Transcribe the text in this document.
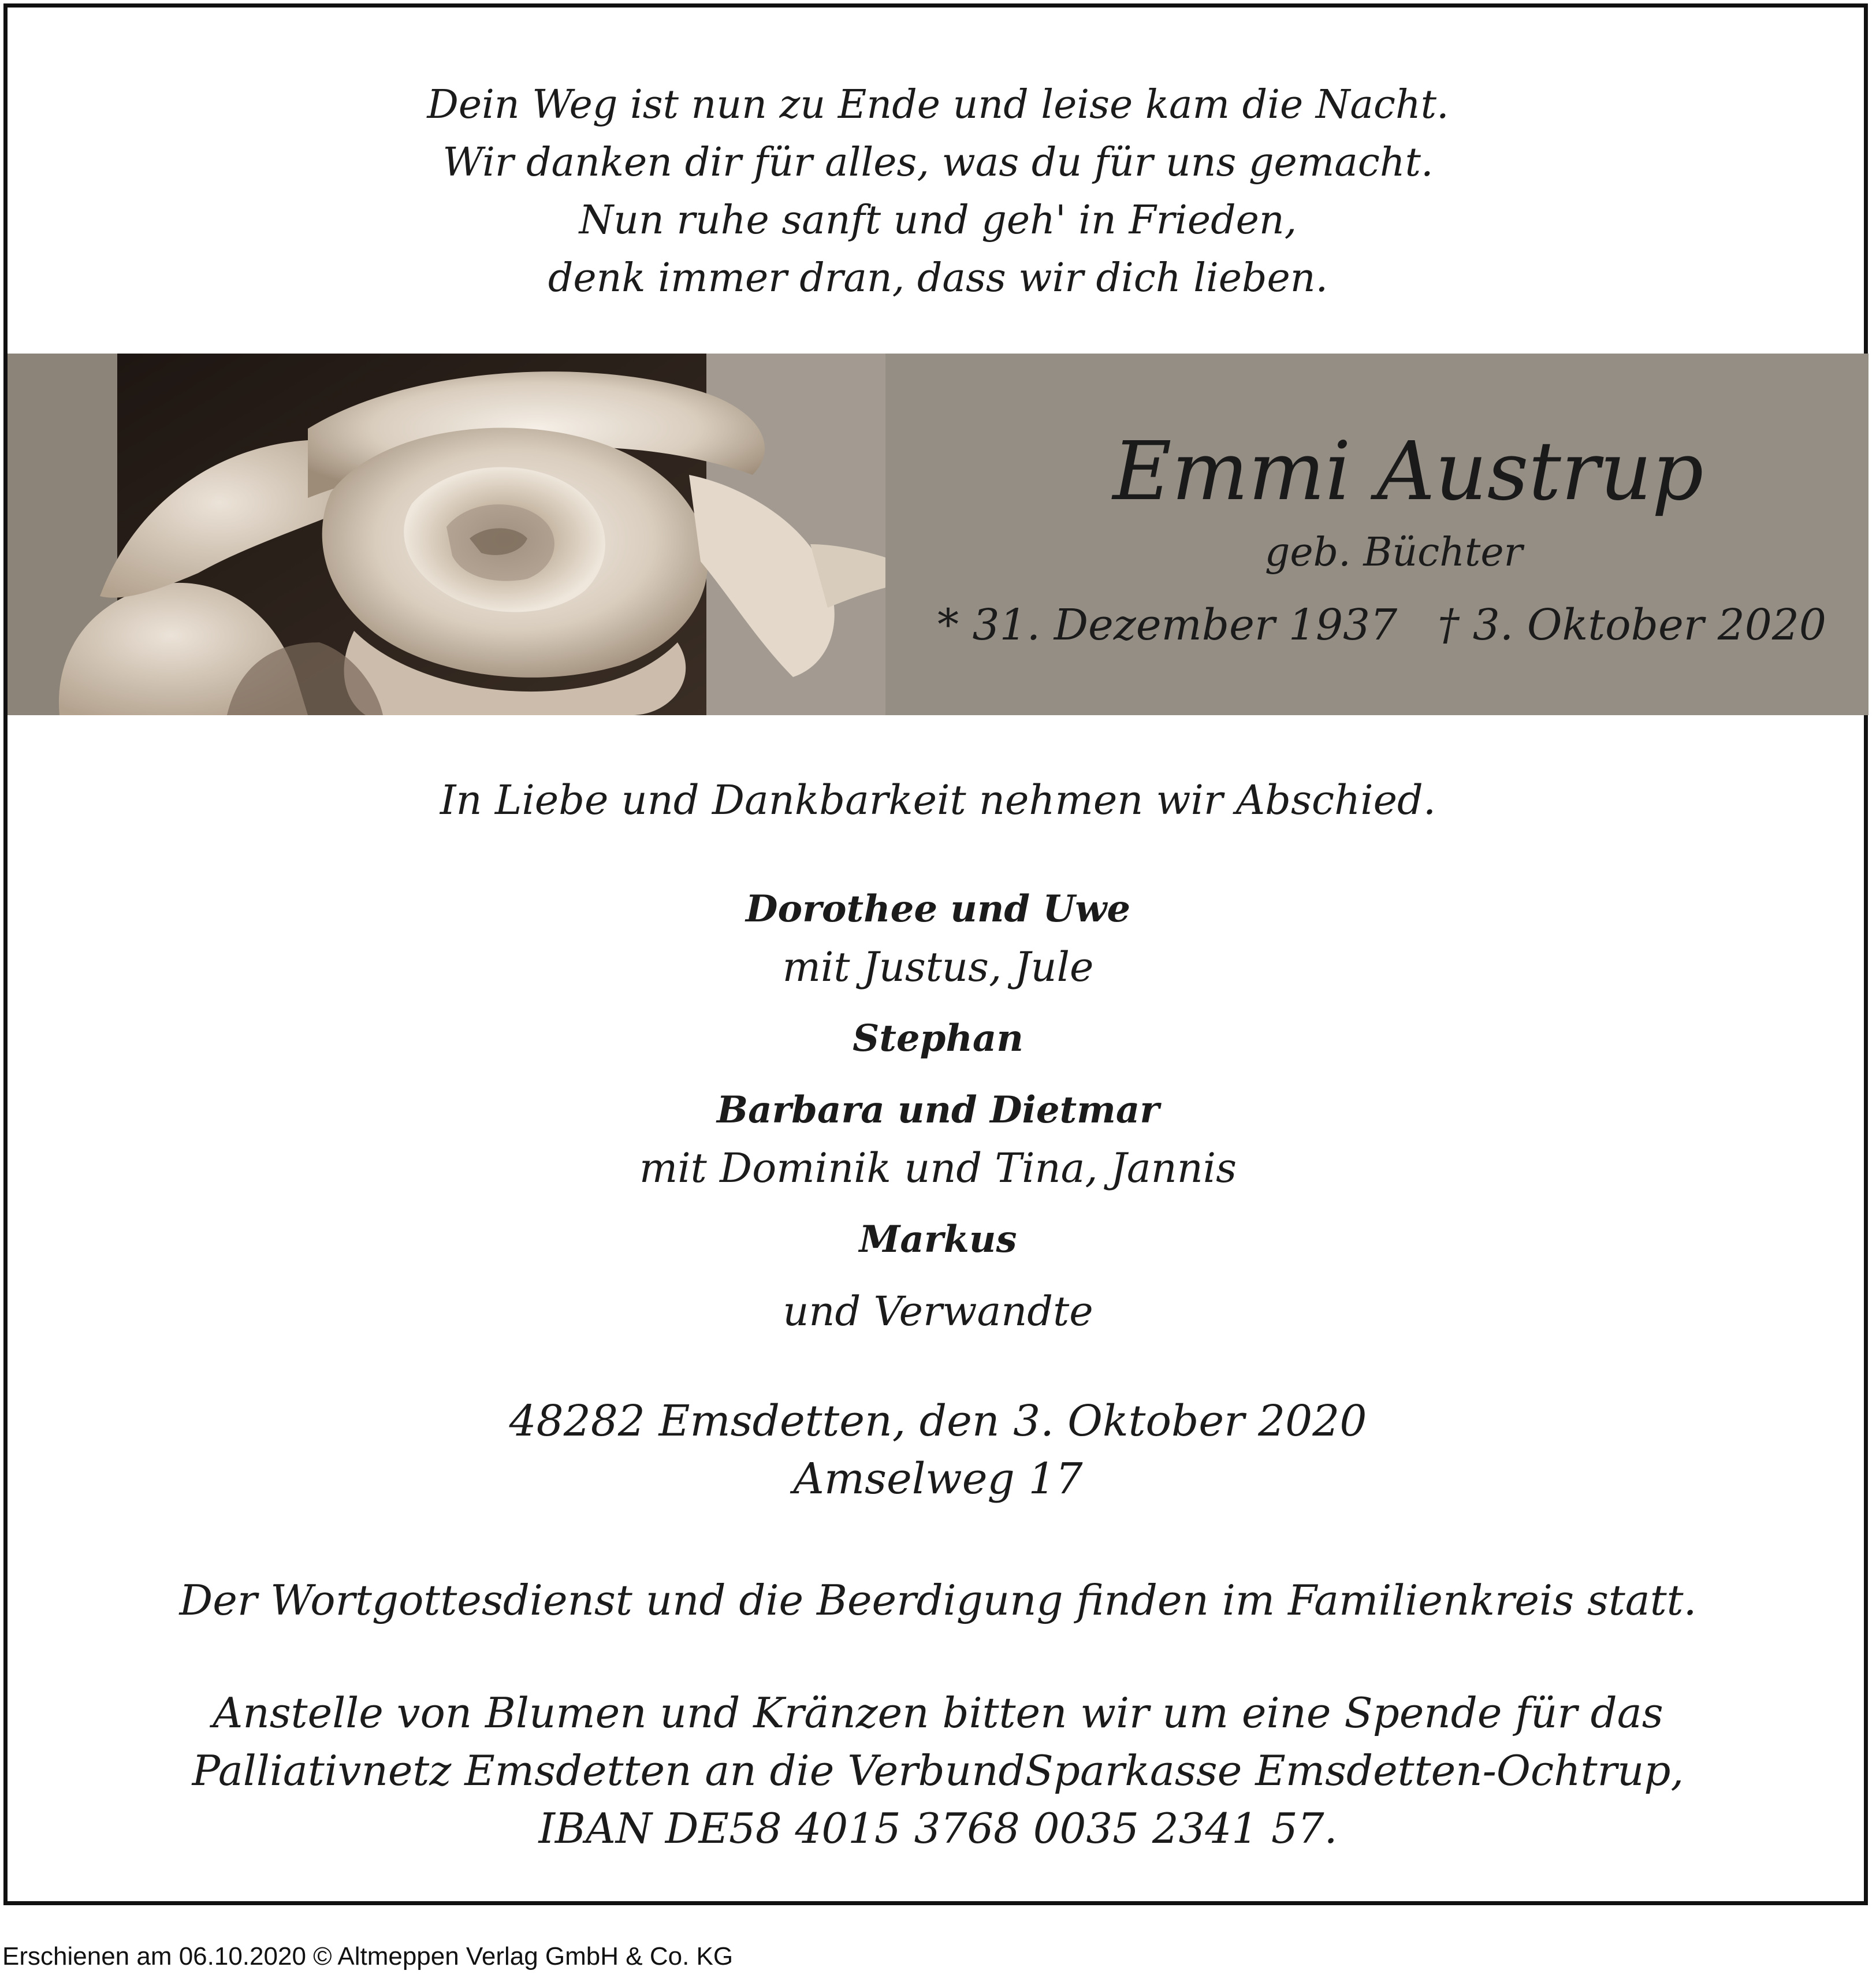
Dein Weg ist nun zu Ende und leise kam die Nacht.
Wir danken dir für alles, was du für uns gemacht.
Nun ruhe sanft und geh' in Frieden,
denk immer dran, dass wir dich lieben.
Emmi Austrup
geb. Büchter
* 31. Dezember 1937 † 3. Oktober 2020
In Liebe und Dankbarkeit nehmen wir Abschied.
Dorothee und Uwe
mit Justus, Jule
Stephan
Barbara und Dietmar
mit Dominik und Tina, Jannis
Markus
und Verwandte
48282 Emsdetten, den 3. Oktober 2020
Amselweg 17
Der Wortgottesdienst und die Beerdigung finden im Familienkreis statt.
Anstelle von Blumen und Kränzen bitten wir um eine Spende für das
Palliativnetz Emsdetten an die VerbundSparkasse Emsdetten-Ochtrup,
IBAN DE58 4015 3768 0035 2341 57.
Erschienen am 06.10.2020 © Altmeppen Verlag GmbH & Co. KG
